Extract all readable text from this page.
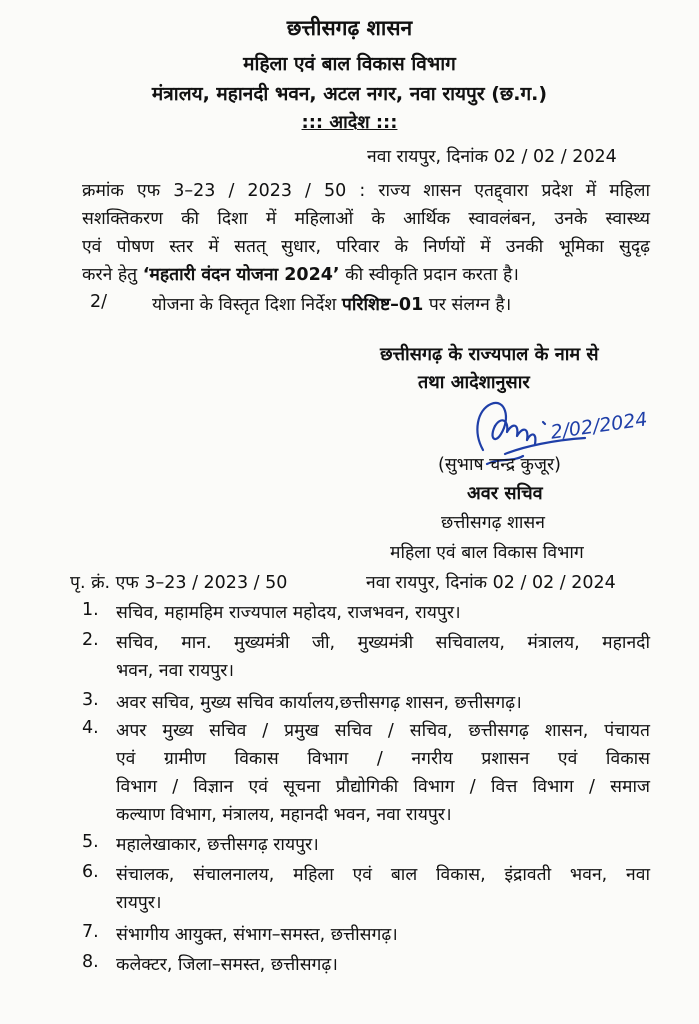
छत्तीसगढ़ शासन
महिला एवं बाल विकास विभाग
मंत्रालय, महानदी भवन, अटल नगर, नवा रायपुर (छ.ग.)
::: आदेश :::
नवा रायपुर, दिनांक 02 / 02 / 2024
क्रमांक एफ 3–23 / 2023 / 50 : राज्य शासन एतद्द्वारा प्रदेश में महिला
सशक्तिकरण की दिशा में महिलाओं के आर्थिक स्वावलंबन, उनके स्वास्थ्य
एवं पोषण स्तर में सतत् सुधार, परिवार के निर्णयों में उनकी भूमिका सुदृढ़
करने हेतु ‘महतारी वंदन योजना 2024’ की स्वीकृति प्रदान करता है।
2/	योजना के विस्तृत दिशा निर्देश परिशिष्ट–01 पर संलग्न है।
छत्तीसगढ़ के राज्यपाल के नाम से
तथा आदेशानुसार
2/02/2024
(सुभाष चन्द्र कुजूर)
अवर सचिव
छत्तीसगढ़ शासन
महिला एवं बाल विकास विभाग
पृ. क्रं. एफ 3–23 / 2023 / 50	नवा रायपुर, दिनांक 02 / 02 / 2024
1. सचिव, महामहिम राज्यपाल महोदय, राजभवन, रायपुर।
2. सचिव, मान. मुख्यमंत्री जी, मुख्यमंत्री सचिवालय, मंत्रालय, महानदी
भवन, नवा रायपुर।
3. अवर सचिव, मुख्य सचिव कार्यालय,छत्तीसगढ़ शासन, छत्तीसगढ़।
4. अपर मुख्य सचिव / प्रमुख सचिव / सचिव, छत्तीसगढ़ शासन, पंचायत
एवं ग्रामीण विकास विभाग / नगरीय प्रशासन एवं विकास
विभाग / विज्ञान एवं सूचना प्रौद्योगिकी विभाग / वित्त विभाग / समाज
कल्याण विभाग, मंत्रालय, महानदी भवन, नवा रायपुर।
5. महालेखाकार, छत्तीसगढ़ रायपुर।
6. संचालक, संचालनालय, महिला एवं बाल विकास, इंद्रावती भवन, नवा
रायपुर।
7. संभागीय आयुक्त, संभाग–समस्त, छत्तीसगढ़।
8. कलेक्टर, जिला–समस्त, छत्तीसगढ़।
